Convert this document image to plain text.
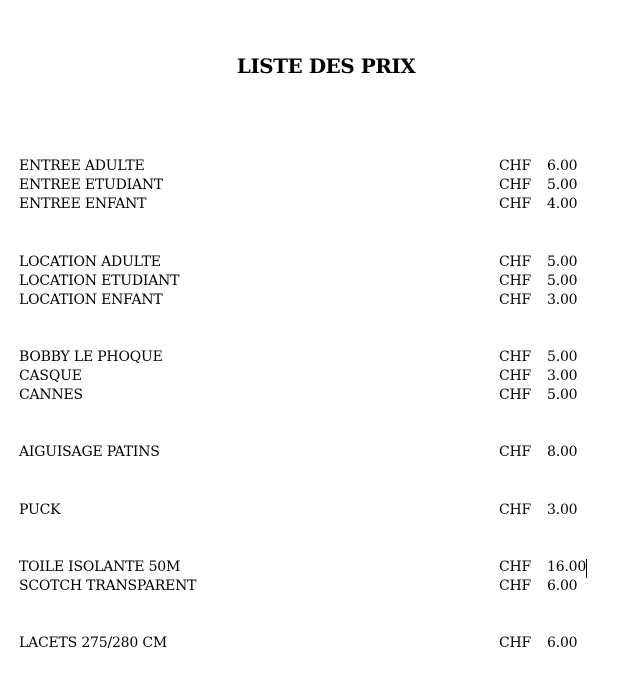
LISTE DES PRIX
ENTREE ADULTE	CHF 6.00
ENTREE ETUDIANT	CHF 5.00
ENTREE ENFANT	CHF 4.00
LOCATION ADULTE	CHF 5.00
LOCATION ETUDIANT	CHF 5.00
LOCATION ENFANT	CHF 3.00
BOBBY LE PHOQUE	CHF 5.00
CASQUE	CHF 3.00
CANNES	CHF 5.00
AIGUISAGE PATINS	CHF 8.00
PUCK	CHF 3.00
TOILE ISOLANTE 50M	CHF 16.00
SCOTCH TRANSPARENT	CHF 6.00
LACETS 275/280 CM	CHF 6.00
